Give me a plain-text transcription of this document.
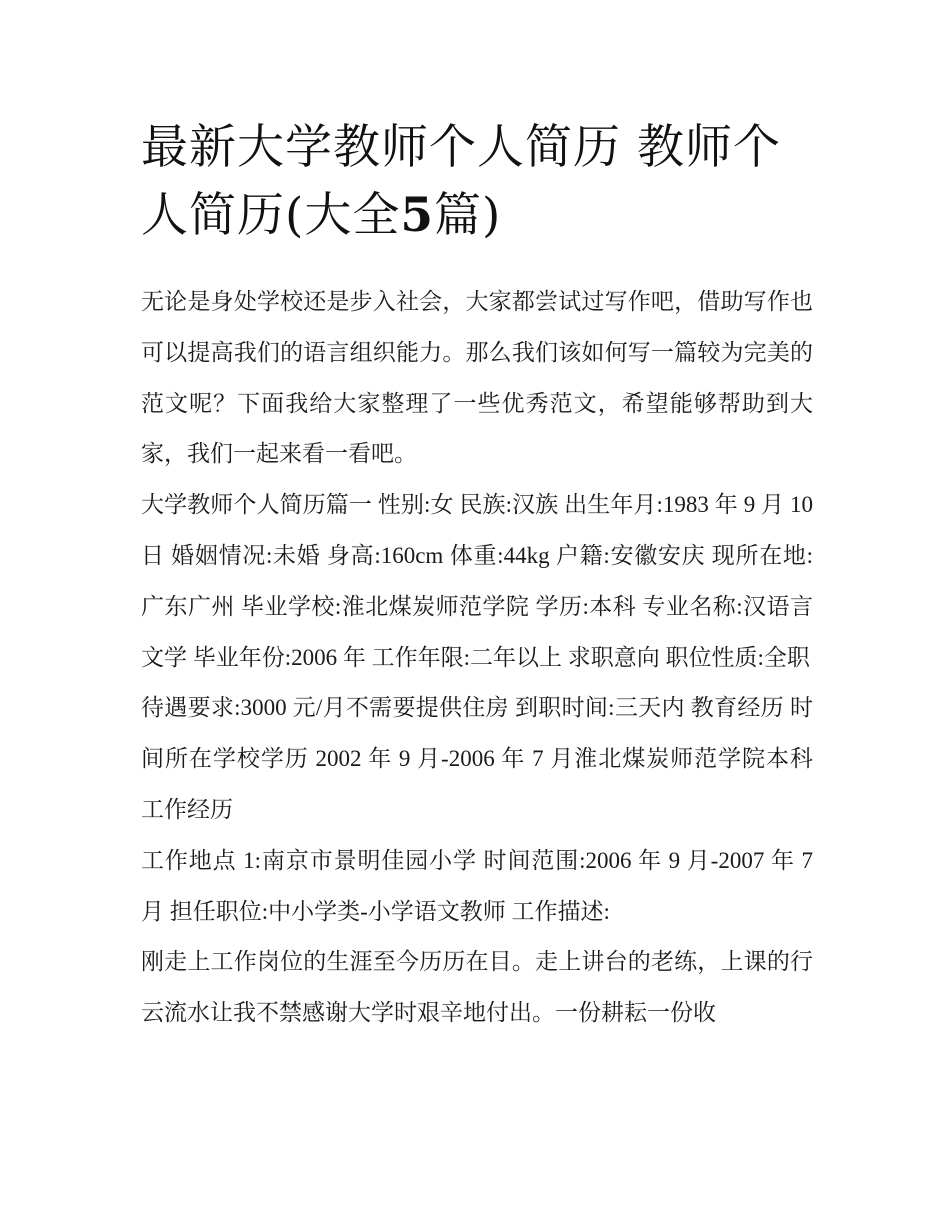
最新大学教师个人简历 教师个人简历(大全5篇)

无论是身处学校还是步入社会，大家都尝试过写作吧，借助写作也可以提高我们的语言组织能力。那么我们该如何写一篇较为完美的范文呢？下面我给大家整理了一些优秀范文，希望能够帮助到大家，我们一起来看一看吧。

大学教师个人简历篇一 性别:女 民族:汉族 出生年月:1983 年 9 月 10 日 婚姻情况:未婚 身高:160cm 体重:44kg 户籍:安徽安庆 现所在地:广东广州 毕业学校:淮北煤炭师范学院 学历:本科 专业名称:汉语言文学 毕业年份:2006 年 工作年限:二年以上 求职意向 职位性质:全职

待遇要求:3000 元/月不需要提供住房 到职时间:三天内 教育经历 时间所在学校学历 2002 年 9 月-2006 年 7 月淮北煤炭师范学院本科 工作经历

工作地点 1:南京市景明佳园小学 时间范围:2006 年 9 月-2007 年 7 月 担任职位:中小学类-小学语文教师 工作描述:

刚走上工作岗位的生涯至今历历在目。走上讲台的老练，上课的行云流水让我不禁感谢大学时艰辛地付出。一份耕耘一份收
